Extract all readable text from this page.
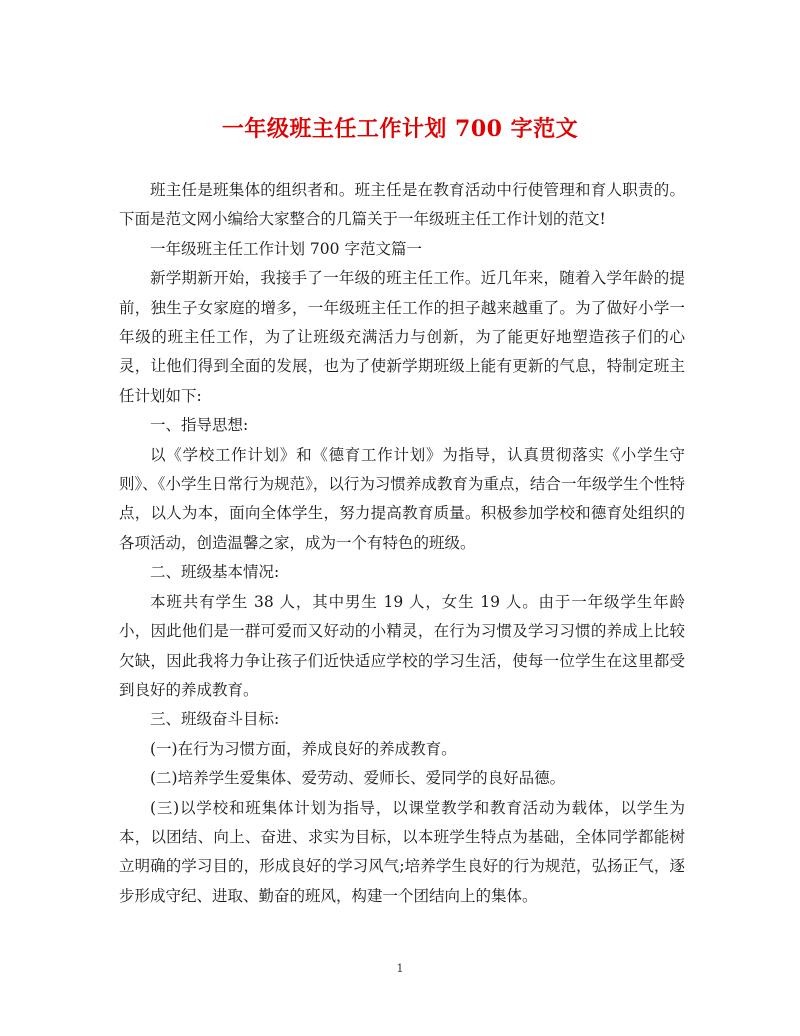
一年级班主任工作计划 700 字范文

班主任是班集体的组织者和。班主任是在教育活动中行使管理和育人职责的。下面是范文网小编给大家整合的几篇关于一年级班主任工作计划的范文!

一年级班主任工作计划 700 字范文篇一

新学期新开始，我接手了一年级的班主任工作。近几年来，随着入学年龄的提前，独生子女家庭的增多，一年级班主任工作的担子越来越重了。为了做好小学一年级的班主任工作，为了让班级充满活力与创新，为了能更好地塑造孩子们的心灵，让他们得到全面的发展，也为了使新学期班级上能有更新的气息，特制定班主任计划如下:

一、指导思想:

以《学校工作计划》和《德育工作计划》为指导，认真贯彻落实《小学生守则》、《小学生日常行为规范》，以行为习惯养成教育为重点，结合一年级学生个性特点，以人为本，面向全体学生，努力提高教育质量。积极参加学校和德育处组织的各项活动，创造温馨之家，成为一个有特色的班级。

二、班级基本情况:

本班共有学生 38 人，其中男生 19 人，女生 19 人。由于一年级学生年龄小，因此他们是一群可爱而又好动的小精灵，在行为习惯及学习习惯的养成上比较欠缺，因此我将力争让孩子们近快适应学校的学习生活，使每一位学生在这里都受到良好的养成教育。

三、班级奋斗目标:

(一)在行为习惯方面，养成良好的养成教育。

(二)培养学生爱集体、爱劳动、爱师长、爱同学的良好品德。

(三)以学校和班集体计划为指导，以课堂教学和教育活动为载体，以学生为本，以团结、向上、奋进、求实为目标，以本班学生特点为基础，全体同学都能树立明确的学习目的，形成良好的学习风气;培养学生良好的行为规范，弘扬正气，逐步形成守纪、进取、勤奋的班风，构建一个团结向上的集体。

1
